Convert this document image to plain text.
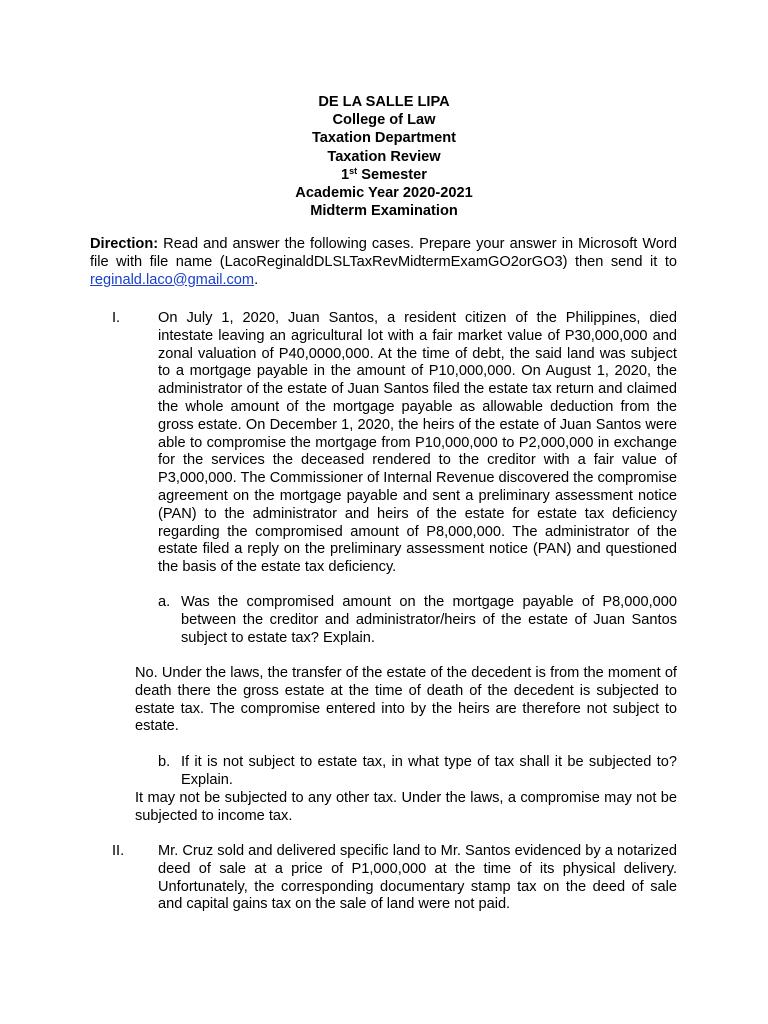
DE LA SALLE LIPA
College of Law
Taxation Department
Taxation Review
1st Semester
Academic Year 2020-2021
Midterm Examination
Direction: Read and answer the following cases. Prepare your answer in Microsoft Word file with file name (LacoReginaldDLSLTaxRevMidtermExamGO2orGO3) then send it to reginald.laco@gmail.com.
I.	On July 1, 2020, Juan Santos, a resident citizen of the Philippines, died intestate leaving an agricultural lot with a fair market value of P30,000,000 and zonal valuation of P40,0000,000. At the time of debt, the said land was subject to a mortgage payable in the amount of P10,000,000. On August 1, 2020, the administrator of the estate of Juan Santos filed the estate tax return and claimed the whole amount of the mortgage payable as allowable deduction from the gross estate. On December 1, 2020, the heirs of the estate of Juan Santos were able to compromise the mortgage from P10,000,000 to P2,000,000 in exchange for the services the deceased rendered to the creditor with a fair value of P3,000,000. The Commissioner of Internal Revenue discovered the compromise agreement on the mortgage payable and sent a preliminary assessment notice (PAN) to the administrator and heirs of the estate for estate tax deficiency regarding the compromised amount of P8,000,000. The administrator of the estate filed a reply on the preliminary assessment notice (PAN) and questioned the basis of the estate tax deficiency.
a. Was the compromised amount on the mortgage payable of P8,000,000 between the creditor and administrator/heirs of the estate of Juan Santos subject to estate tax? Explain.
No. Under the laws, the transfer of the estate of the decedent is from the moment of death there the gross estate at the time of death of the decedent is subjected to estate tax. The compromise entered into by the heirs are therefore not subject to estate.
b. If it is not subject to estate tax, in what type of tax shall it be subjected to? Explain.
It may not be subjected to any other tax. Under the laws, a compromise may not be subjected to income tax.
II. Mr. Cruz sold and delivered specific land to Mr. Santos evidenced by a notarized deed of sale at a price of P1,000,000 at the time of its physical delivery. Unfortunately, the corresponding documentary stamp tax on the deed of sale and capital gains tax on the sale of land were not paid.
